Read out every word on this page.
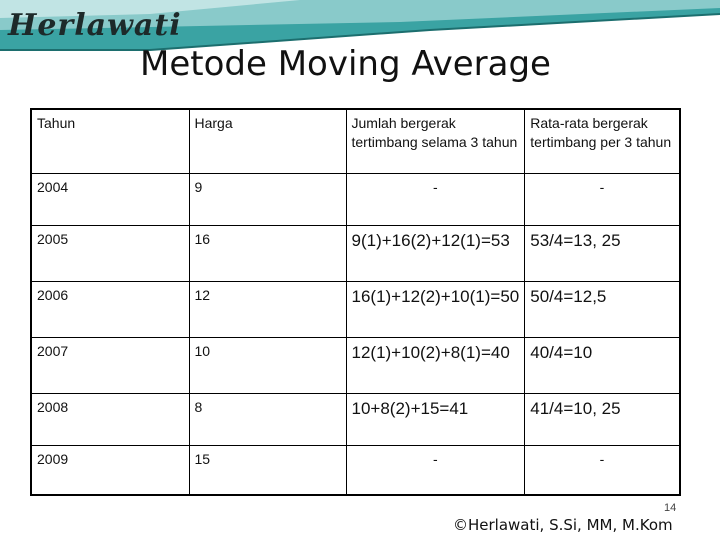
Herlawati
Metode Moving Average
Tahun	Harga	Jumlah bergerak tertimbang selama 3 tahun	Rata-rata bergerak tertimbang per 3 tahun
2004	9	-	-
2005	16	9(1)+16(2)+12(1)=53	53/4=13, 25
2006	12	16(1)+12(2)+10(1)=50	50/4=12,5
2007	10	12(1)+10(2)+8(1)=40	40/4=10
2008	8	10+8(2)+15=41	41/4=10, 25
2009	15	-	-
14
©Herlawati, S.Si, MM, M.Kom
